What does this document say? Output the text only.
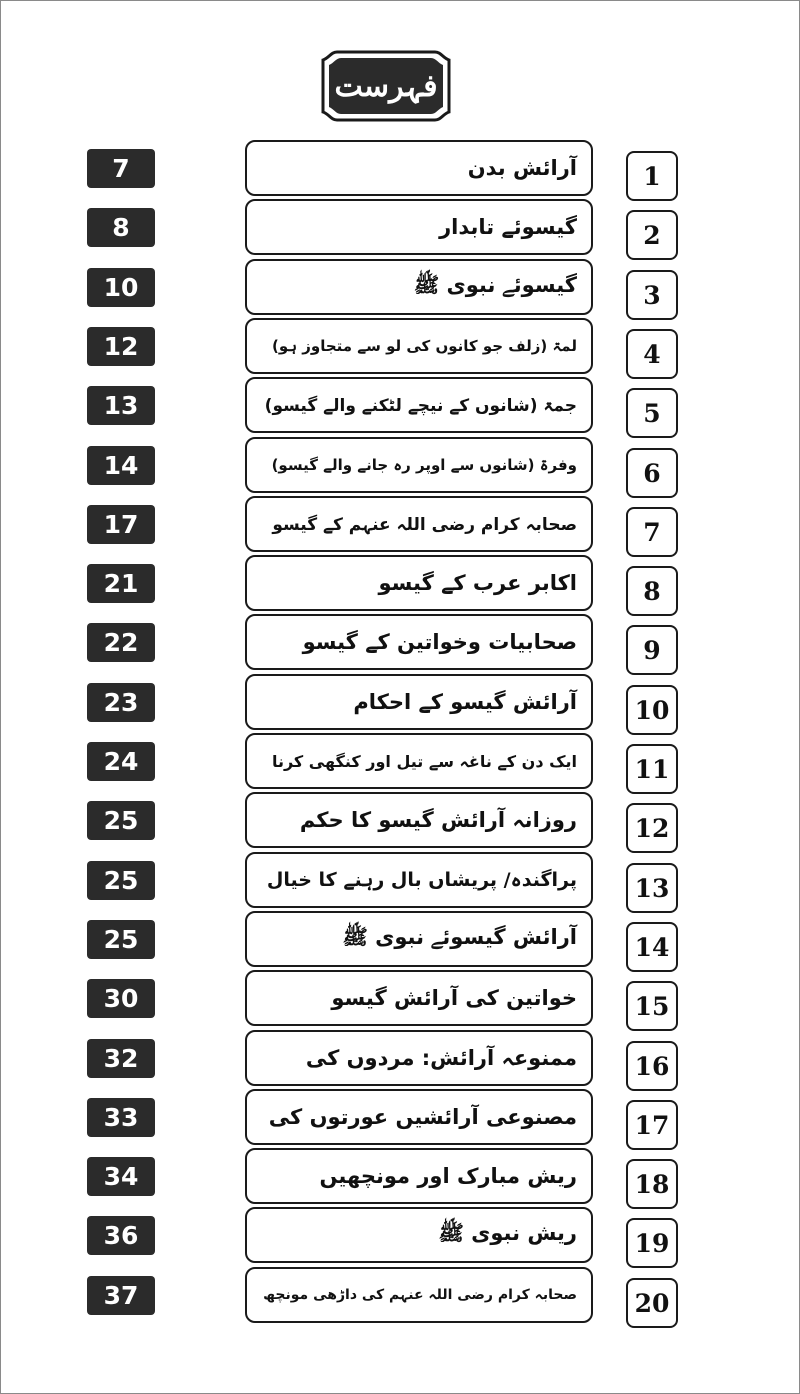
فہرست
7	آرائش بدن	1
8	گیسوئے تابدار	2
10	گیسوئے نبوی ﷺ	3
12	لمۃ (زلف جو کانوں کی لو سے متجاوز ہو)	4
13	جمۃ (شانوں کے نیچے لٹکنے والے گیسو)	5
14	وفرۃ (شانوں سے اوپر رہ جانے والے گیسو)	6
17	صحابہ کرام رضی اللہ عنہم کے گیسو	7
21	اکابر عرب کے گیسو	8
22	صحابیات وخواتین کے گیسو	9
23	آرائش گیسو کے احکام	10
24	ایک دن کے ناغہ سے تیل اور کنگھی کرنا	11
25	روزانہ آرائش گیسو کا حکم	12
25	پراگندہ/ پریشاں بال رہنے کا خیال	13
25	آرائش گیسوئے نبوی ﷺ	14
30	خواتین کی آرائش گیسو	15
32	ممنوعہ آرائش: مردوں کی	16
33	مصنوعی آرائشیں عورتوں کی	17
34	ریش مبارک اور مونچھیں	18
36	ریش نبوی ﷺ	19
37	صحابہ کرام رضی اللہ عنہم کی داڑھی مونچھ	20
